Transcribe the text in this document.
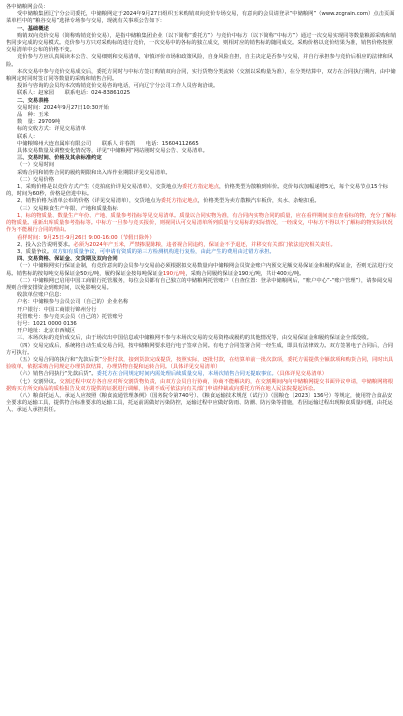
各中储粮网会员：

受中储粮集团辽宁分公司委托，中储粮网定于2024年9月27日组织玉米购销双向竞价专场交易，有意向的会员请登录“中储粮网”（www.zcgrain.com）点击页面菜单栏中的“粮谷交易”选择专场参与交易，现就有关事项公告如下：

一、基础概述

购销双向竞价交易（简称购销竞价交易），是指中储粮集团企业（以下简称“委托方”）与竞价中标方（以下简称“中标方”）通过一次交易实现同等数量粮源采购和销售同步完成的交易模式。竞价参与方只对采购标的进行竞价，一次交易中的各标的独立成交，则相对应的销售标的随同成交。采购价格以竞价结果为准，销售价格按照交易清单中公布的价格不变。

竞价参与方应认真阅读本公告、交易细则和交易清单，审慎评价市场和政策风险，自身风险自担，自主决定是否参与交易，并自行承担参与竞价后相应的法律和风险。

本次交易中参与竞价交易成交后，委托方同时与中标方签订购销双向合同，实行货物分类流转（交割以采购量为准），在分类结算中，双方在合同执行期内，由中储粮网定时同时签订同等数量的采购和销售合同。

投诉与咨询的会员均本次购销竞价交易咨询电话，可向辽宁分公司工作人员咨询洽谈。

联系人：赵家园　　联系电话：024-83861025

二、交易表格

交易时间：2024年9月27日10:30开始

品　种：玉米

数　量：29709吨

标的交收方式：详见交易清单

联系人：

中储粮锦州大连直属库有限公司　　联系人 许春凯　　电话：15604112665

具体交易数量及调整变化情况等，详见“中储粮网”网站刚时交易公告、交易清单。

三、交易时间、价格及其余标准约定

（一）交易时间

采购合同和销售合同的履约期限和出入库作业期限详见交易清单。

（二）交易价格

1、采购价格是以竞价方式产生（竞拍底价详见交易清单），交货地点为委托方指定地点，价格类型为散粮到库价。竞价每次加幅递增5元，每个交易节点15个标的，时间为60秒，价格是倍进中标。

2、销售价格为清单公布的价格（详见交易清单），交货地点为委托方指定地点，价格类型为卖方散粮汽车板价，夹水、杂缩扣重。

（三）交易粮食生产年限、产地和质量指标

1、标的物质量、数量生产年份、产地、质量参考指标等见交易清单。质量以合同实物为准，有合同内实物合同的质量，应在看样期间亲自查看标的物，充分了解标的物质量。重新出库质量参考指标等。中标方一旦参与竞买报价，则视同认可交易清单所列质量与交易标的实际情况，一经成交，中标方不得以不了解标的物实际状况作为不能履行合同的理由。

看样时间：9月25日-9月26日 9:00-16:00（节假日除外）

2、投入公告说明要求。必须为2024年产玉米，严禁掺混陈粮，违者视合同违约，保证金不予退还，并移交有关部门依法追究相关责任。

3、质量争议。双方如有质量争议，可申请有资质的第三方检测机构进行复检，由此产生的费用由过错方承担。

四、交易资格、保证金、交货期及双向合同

（一）中储粮网实行保证金制，有竞价意向的会员参与交易前必须根据拟交易数量向中储粮网会员资金账户内预交足额交易保证金和履约保证金，否则无法进行交易。销售标的按每吨交易保证金50元/吨，履约保证金按每吨保证金190元/吨，采购合同履约保证金190元/吨，共计400元/吨。

（二）中储粮网已启用中国工商银行托管服务，每位会员都有自己独立的中储粮网托管账户（自查位置：登录中储粮网后，“账户中心”-“账户管理”），请参阅交易规则合理安排资金到账时间，以免影响交易。

收款单位账户信息：

户名：中储粮参与会员公司（自己的）企业名称

开户银行：中国工商银行锦州分行

托管账号：参与竞买会员（自己的）托管账号

行号：1021 0000 0136

开户地址：北京市西城区

三、本场次标的竞价成交后，由于场次出中国信息或中储粮网不参与本场次交易的交易资格或履约的其他情况等，由交易保证金和履约保证金全部没收。

（四）交易完成后，系统将自动生成交易合同，按中储粮网要求进行电子签章合同。有电子合同签署合同一经生成，即具有法律效力。双方签署电子合同后，合同方可执行。

（五）交易合同的执行和“先款后货”分批付款，接到货款完成提货，按照实际，逐批付款，在结算单前一批次款项，委托方需提供全额款项和购货合同，同时出具验收单，依据采购合同规定办理货款结算，办理货物自提和运转合同。（具体详见交易清单）

（六）销售合同执行“先款后货”。委托方在合同规定时间内需处理后续质量交易，本场次销售合同无提取事宜。（具体详见交易清单）

（七）交割异议。交割过程中双方各自应对所交割货物负责，由双方会员自行协商，协商不能解决的，在交割期间内向中储粮网提交书面异议申请，中储粮网将根据购买方所交商品的质检报告及双方提供的证据进行调解，协调不成可依法向有关部门申请仲裁或向委托方所在地人民法院提起诉讼。

（八）粮食托运人、承运人应按照《粮食流通管理条例》（国务院令第740号）、《粮食运输技术规范（试行）》（国粮仓〔2023〕136号）等规定，使用符合食品安全要求的运输工具，提供符合标准要求的运输工具，托运前需做好污染防控，运输过程中应做好防雨、防潮、防污染等措施，若因运输过程出现粮食质量问题，由托运人、承运人承担责任。
